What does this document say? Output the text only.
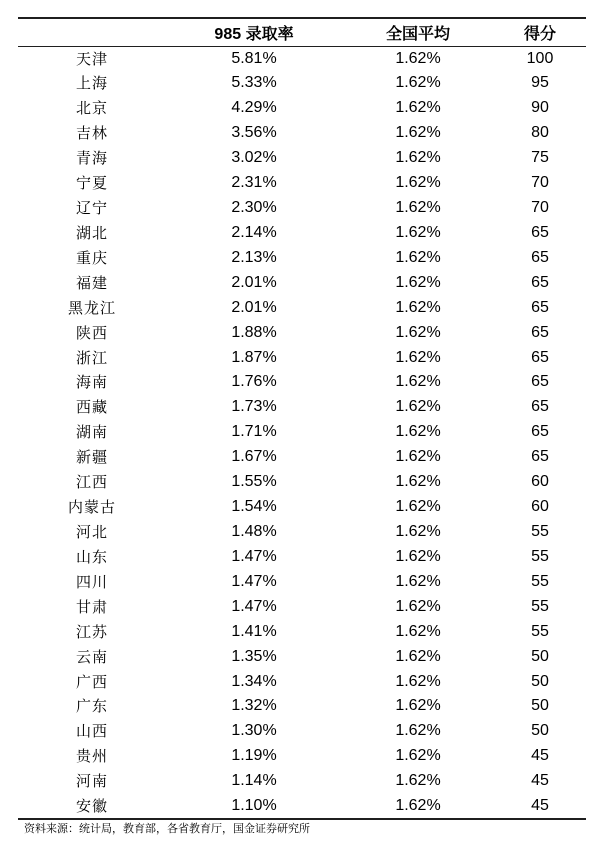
	985 录取率	全国平均	得分
天津	5.81%	1.62%	100
上海	5.33%	1.62%	95
北京	4.29%	1.62%	90
吉林	3.56%	1.62%	80
青海	3.02%	1.62%	75
宁夏	2.31%	1.62%	70
辽宁	2.30%	1.62%	70
湖北	2.14%	1.62%	65
重庆	2.13%	1.62%	65
福建	2.01%	1.62%	65
黑龙江	2.01%	1.62%	65
陕西	1.88%	1.62%	65
浙江	1.87%	1.62%	65
海南	1.76%	1.62%	65
西藏	1.73%	1.62%	65
湖南	1.71%	1.62%	65
新疆	1.67%	1.62%	65
江西	1.55%	1.62%	60
内蒙古	1.54%	1.62%	60
河北	1.48%	1.62%	55
山东	1.47%	1.62%	55
四川	1.47%	1.62%	55
甘肃	1.47%	1.62%	55
江苏	1.41%	1.62%	55
云南	1.35%	1.62%	50
广西	1.34%	1.62%	50
广东	1.32%	1.62%	50
山西	1.30%	1.62%	50
贵州	1.19%	1.62%	45
河南	1.14%	1.62%	45
安徽	1.10%	1.62%	45
资料来源：统计局，教育部，各省教育厅，国金证券研究所
